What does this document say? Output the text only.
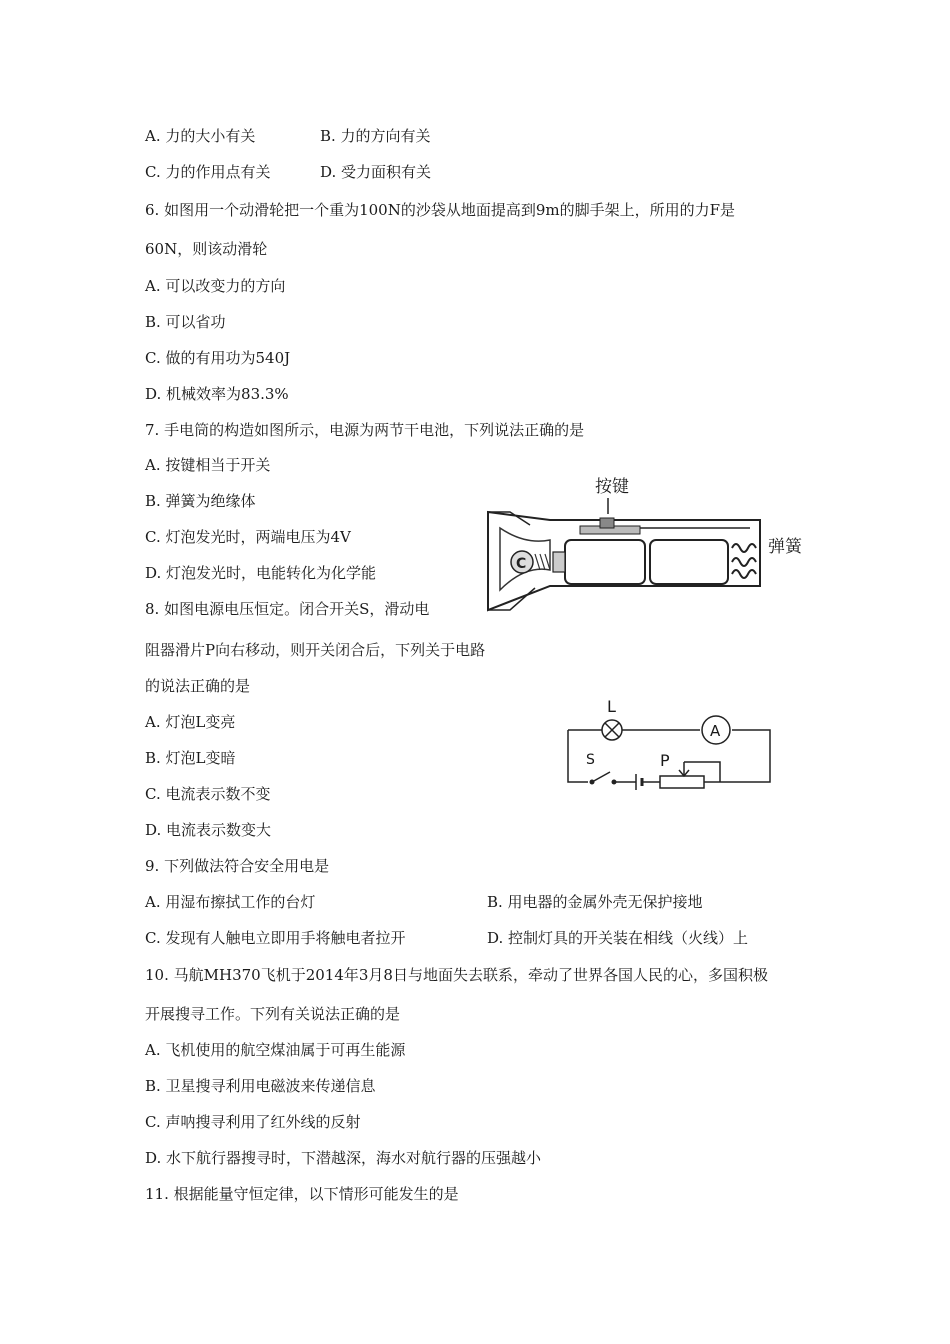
A. 力的大小有关	B. 力的方向有关
C. 力的作用点有关	D. 受力面积有关
6. 如图用一个动滑轮把一个重为100N的沙袋从地面提高到9m的脚手架上，所用的力F是
60N，则该动滑轮
A. 可以改变力的方向
B. 可以省功
C. 做的有用功为540J
D. 机械效率为83.3%
7. 手电筒的构造如图所示，电源为两节干电池，下列说法正确的是
A. 按键相当于开关
B. 弹簧为绝缘体
C. 灯泡发光时，两端电压为4V
D. 灯泡发光时，电能转化为化学能
8. 如图电源电压恒定。闭合开关S，滑动电
阻器滑片P向右移动，则开关闭合后，下列关于电路
的说法正确的是
A. 灯泡L变亮
B. 灯泡L变暗
C. 电流表示数不变
D. 电流表示数变大
9. 下列做法符合安全用电是
A. 用湿布擦拭工作的台灯	B. 用电器的金属外壳无保护接地
C. 发现有人触电立即用手将触电者拉开	D. 控制灯具的开关装在相线（火线）上
10. 马航MH370飞机于2014年3月8日与地面失去联系，牵动了世界各国人民的心，多国积极
开展搜寻工作。下列有关说法正确的是
A. 飞机使用的航空煤油属于可再生能源
B. 卫星搜寻利用电磁波来传递信息
C. 声呐搜寻利用了红外线的反射
D. 水下航行器搜寻时，下潜越深，海水对航行器的压强越小
11. 根据能量守恒定律，以下情形可能发生的是
按键
C
弹簧
L
A
S	P
